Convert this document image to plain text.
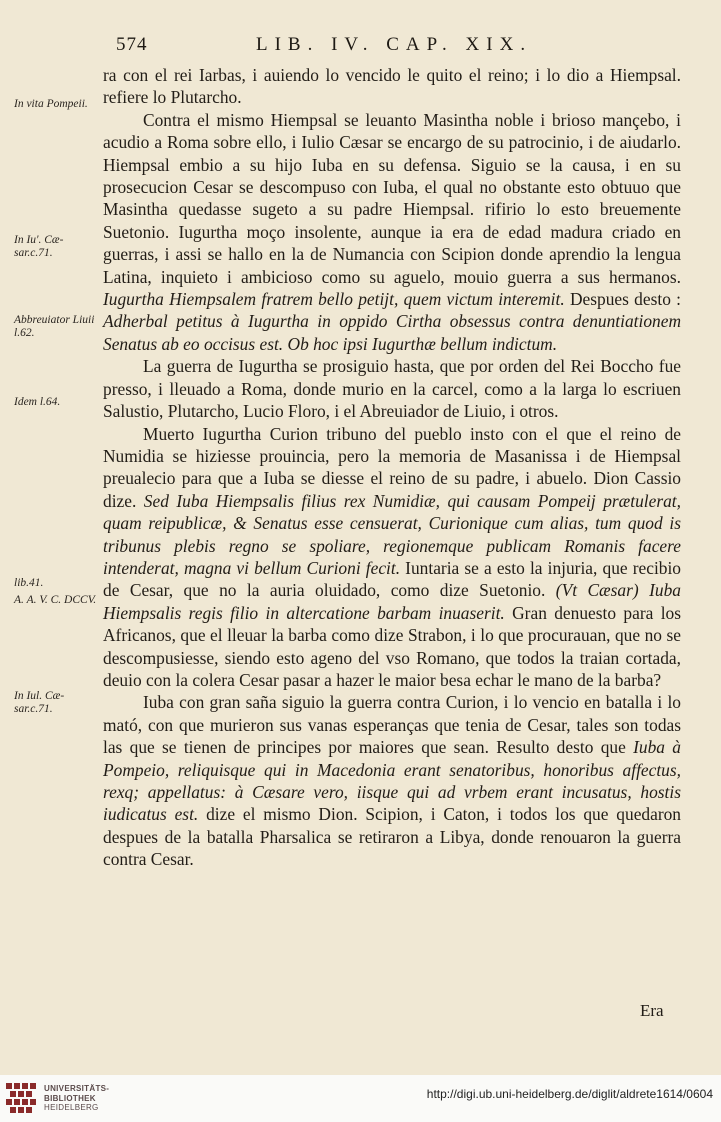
574	LIB. IV. CAP. XIX.
In vita Pompeii.
In Iu'. Cæ-sar.c.71.
Abbreuiator Liuii l.62.
Idem l.64.
lib.41.
A. A. V. C. DCCV.
In Iul. Cæ-sar.c.71.

ra con el rei Iarbas, i auiendo lo vencido le quito el reino; i lo dio a Hiempsal. refiere lo Plutarcho.

Contra el mismo Hiempsal se leuanto Masintha noble i brioso mançebo, i acudio a Roma sobre ello, i Iulio Cæsar se encargo de su patrocinio, i de aiudarlo. Hiempsal embio a su hijo Iuba en su defensa. Siguio se la causa, i en su prosecucion Cesar se descompuso con Iuba, el qual no obstante esto obtuuo que Masintha quedasse sugeto a su padre Hiempsal. rifirio lo esto breuemente Suetonio. Iugurtha moço insolente, aunque ia era de edad madura criado en guerras, i assi se hallo en la de Numancia con Scipion donde aprendio la lengua Latina, inquieto i ambicioso como su aguelo, mouio guerra a sus hermanos. Iugurtha Hiempsalem fratrem bello petijt, quem victum interemit. Despues desto : Adherbal petitus à Iugurtha in oppido Cirtha obsessus contra denuntiationem Senatus ab eo occisus est. Ob hoc ipsi Iugurthæ bellum indictum.

La guerra de Iugurtha se prosiguio hasta, que por orden del Rei Boccho fue presso, i lleuado a Roma, donde murio en la carcel, como a la larga lo escriuen Salustio, Plutarcho, Lucio Floro, i el Abreuiador de Liuio, i otros.

Muerto Iugurtha Curion tribuno del pueblo insto con el que el reino de Numidia se hiziesse prouincia, pero la memoria de Masanissa i de Hiempsal preualecio para que a Iuba se diesse el reino de su padre, i abuelo. Dion Cassio dize. Sed Iuba Hiempsalis filius rex Numidiæ, qui causam Pompeij prætulerat, quam reipublicæ, & Senatus esse censuerat, Curionique cum alias, tum quod is tribunus plebis regno se spoliare, regionemque publicam Romanis facere intenderat, magna vi bellum Curioni fecit. Iuntaria se a esto la injuria, que recibio de Cesar, que no la auria oluidado, como dize Suetonio. (Vt Cæsar) Iuba Hiempsalis regis filio in altercatione barbam inuaserit. Gran denuesto para los Africanos, que el lleuar la barba como dize Strabon, i lo que procurauan, que no se descompusiesse, siendo esto ageno del vso Romano, que todos la traian cortada, deuio con la colera Cesar pasar a hazer le maior besa echar le mano de la barba?

Iuba con gran saña siguio la guerra contra Curion, i lo vencio en batalla i lo mató, con que murieron sus vanas esperanças que tenia de Cesar, tales son todas las que se tienen de principes por maiores que sean. Resulto desto que Iuba à Pompeio, reliquisque qui in Macedonia erant senatoribus, honoribus affectus, rexq; appellatus: à Cæsare vero, iisque qui ad vrbem erant incusatus, hostis iudicatus est. dize el mismo Dion. Scipion, i Caton, i todos los que quedaron despues de la batalla Pharsalica se retiraron a Libya, donde renouaron la guerra contra Cesar.

Era
UNIVERSITÄTS-
BIBLIOTHEK
HEIDELBERG
http://digi.ub.uni-heidelberg.de/diglit/aldrete1614/0604
